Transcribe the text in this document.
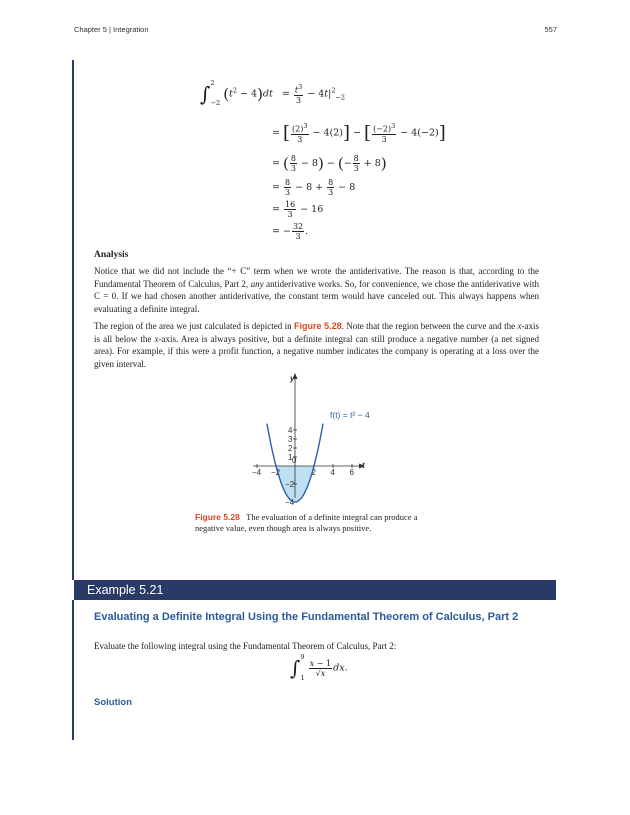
Chapter 5 | Integration	557
∫$^2_{-2}$ $(t^2 - 4)dt = \frac{t^3}{3} - 4t|^2_{-2}$
= [ $\frac{(2)^3}{3} - 4(2)$] − [ $\frac{(-2)^3}{3} - 4(-2)$]
= ( $\frac{8}{3} - 8$) − (− $\frac{8}{3} + 8$)
= $\frac{8}{3} - 8 + \frac{8}{3} - 8$
= $\frac{16}{3} - 16$
= − $\frac{32}{3}$ .
Analysis
Notice that we did not include the “+ C” term when we wrote the antiderivative. The reason is that, according to the Fundamental Theorem of Calculus, Part 2, any antiderivative works. So, for convenience, we chose the antiderivative with C = 0. If we had chosen another antiderivative, the constant term would have canceled out. This always happens when evaluating a definite integral.
The region of the area we just calculated is depicted in Figure 5.28. Note that the region between the curve and the x-axis is all below the x-axis. Area is always positive, but a definite integral can still produce a negative number (a net signed area). For example, if this were a profit function, a negative number indicates the company is operating at a loss over the given interval.
−4 −2
0
2 4 6
4
3
2
1
−2
−4
t
y
f(t) = t² − 4
Figure 5.28 The evaluation of a definite integral can produce a negative value, even though area is always positive.
Example 5.21
Evaluating a Definite Integral Using the Fundamental Theorem of Calculus, Part 2
Evaluate the following integral using the Fundamental Theorem of Calculus, Part 2:
$\int^9_1 \frac{x - 1}{√x}$ dx.
Solution
